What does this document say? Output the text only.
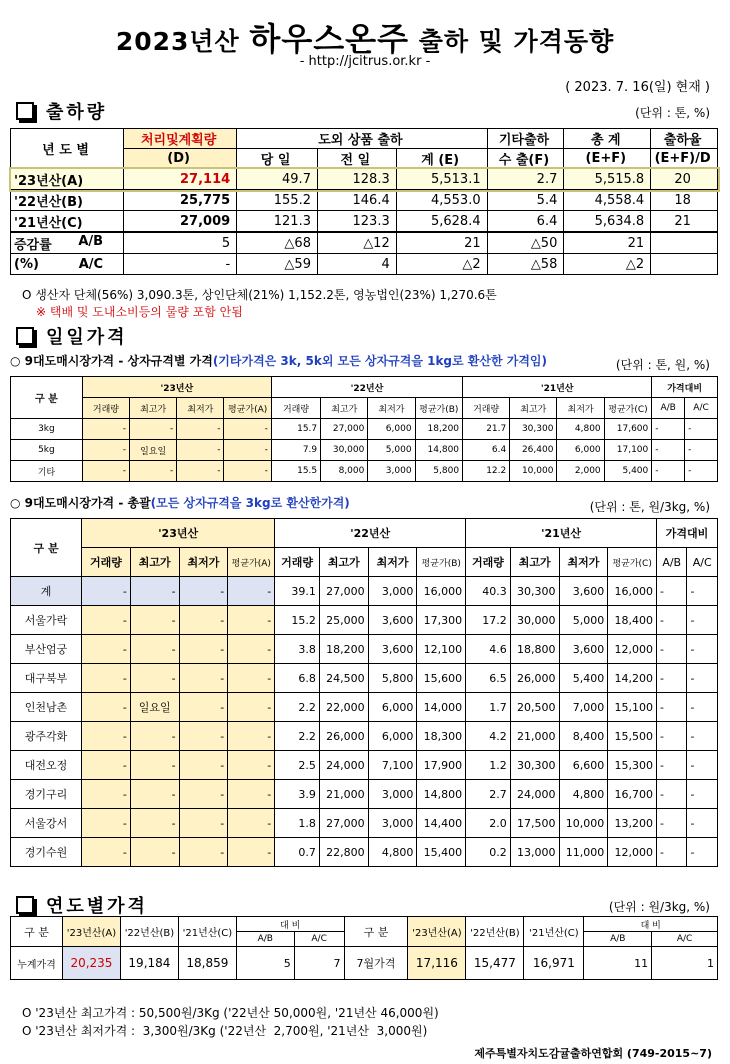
2023년산 하우스온주 출하 및 가격동향
- http://jcitrus.or.kr -
( 2023. 7. 16(일) 현재 )
출하량	(단위 : 톤, %)
년 도 별	처리및계획량	도외 상품 출하			기타출하	총 계	출하율
	(D)	당 일	전 일	계 (E)	수 출(F)	(E+F)	(E+F)/D
'23년산(A)	27,114	49.7	128.3	5,513.1	2.7	5,515.8	20
'22년산(B)	25,775	155.2	146.4	4,553.0	5.4	4,558.4	18
'21년산(C)	27,009	121.3	123.3	5,628.4	6.4	5,634.8	21
증감률 A/B	5	△68	△12	21	△50	21	
(%) A/C	-	△59	4	△2	△58	△2	
O 생산자 단체(56%) 3,090.3톤, 상인단체(21%) 1,152.2톤, 영농법인(23%) 1,270.6톤
※ 택배 및 도내소비등의 물량 포함 안됨
일일가격
○ 9대도매시장가격 - 상자규격별 가격(기타가격은 3k, 5k외 모든 상자규격을 1kg로 환산한 가격임)	(단위 : 톤, 원, %)
구 분	'23년산				'22년산				'21년산				가격대비	
	거래량	최고가	최저가	평균가(A)	거래량	최고가	최저가	평균가(B)	거래량	최고가	최저가	평균가(C)	A/B	A/C
3kg	-	-	-	-	15.7	27,000	6,000	18,200	21.7	30,300	4,800	17,600	-	-
5kg	-	일요일	-	-	7.9	30,000	5,000	14,800	6.4	26,400	6,000	17,100	-	-
기타	-	-	-	-	15.5	8,000	3,000	5,800	12.2	10,000	2,000	5,400	-	-
○ 9대도매시장가격 - 총괄(모든 상자규격을 3kg로 환산한가격)	(단위 : 톤, 원/3kg, %)
구 분	'23년산				'22년산				'21년산				가격대비	
	거래량	최고가	최저가	평균가(A)	거래량	최고가	최저가	평균가(B)	거래량	최고가	최저가	평균가(C)	A/B	A/C
계	-	-	-	-	39.1	27,000	3,000	16,000	40.3	30,300	3,600	16,000	-	-
서울가락	-	-	-	-	15.2	25,000	3,600	17,300	17.2	30,000	5,000	18,400	-	-
부산엄궁	-	-	-	-	3.8	18,200	3,600	12,100	4.6	18,800	3,600	12,000	-	-
대구북부	-	-	-	-	6.8	24,500	5,800	15,600	6.5	26,000	5,400	14,200	-	-
인천남촌	-	일요일	-	-	2.2	22,000	6,000	14,000	1.7	20,500	7,000	15,100	-	-
광주각화	-	-	-	-	2.2	26,000	6,000	18,300	4.2	21,000	8,400	15,500	-	-
대전오정	-	-	-	-	2.5	24,000	7,100	17,900	1.2	30,300	6,600	15,300	-	-
경기구리	-	-	-	-	3.9	21,000	3,000	14,800	2.7	24,000	4,800	16,700	-	-
서울강서	-	-	-	-	1.8	27,000	3,000	14,400	2.0	17,500	10,000	13,200	-	-
경기수원	-	-	-	-	0.7	22,800	4,800	15,400	0.2	13,000	11,000	12,000	-	-
연도별가격	(단위 : 원/3kg, %)
구 분	'23년산(A)	'22년산(B)	'21년산(C)	대 비		구 분	'23년산(A)	'22년산(B)	'21년산(C)	대 비	
				A/B	A/C					A/B	A/C
누계가격	20,235	19,184	18,859	5	7	7월가격	17,116	15,477	16,971	11	1
O '23년산 최고가격 : 50,500원/3Kg ('22년산 50,000원, '21년산 46,000원)
O '23년산 최저가격 :  3,300원/3Kg ('22년산  2,700원, '21년산  3,000원)
제주특별자치도감귤출하연합회 (749-2015~7)
